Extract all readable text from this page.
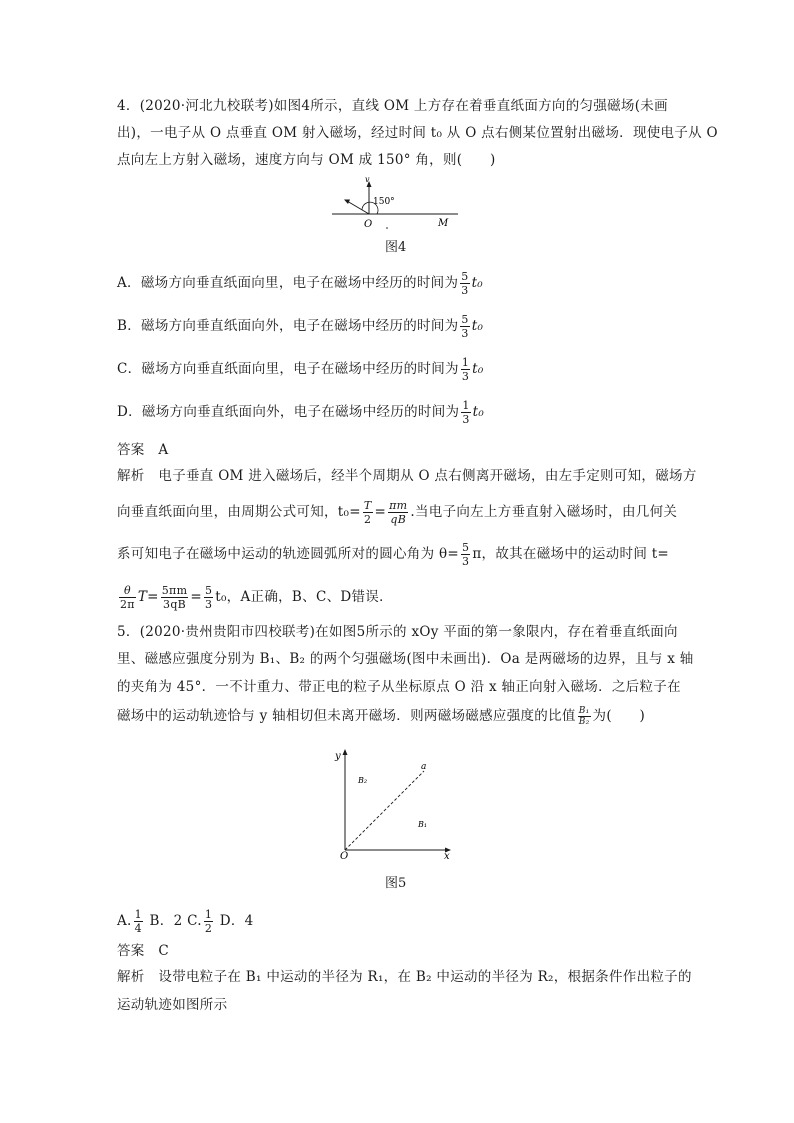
4．(2020·河北九校联考)如图4所示，直线 OM 上方存在着垂直纸面方向的匀强磁场(未画
出)，一电子从 O 点垂直 OM 射入磁场，经过时间 t₀ 从 O 点右侧某位置射出磁场．现使电子从 O
点向左上方射入磁场，速度方向与 OM 成 150° 角，则(　　)
v
150°
O	M
图4
A．磁场方向垂直纸面向里，电子在磁场中经历的时间为 $\frac{5}{3} t_0$
B．磁场方向垂直纸面向外，电子在磁场中经历的时间为 $\frac{5}{3} t_0$
C．磁场方向垂直纸面向里，电子在磁场中经历的时间为 $\frac{1}{3} t_0$
D．磁场方向垂直纸面向外，电子在磁场中经历的时间为 $\frac{1}{3} t_0$
答案　A
解析　电子垂直 OM 进入磁场后，经半个周期从 O 点右侧离开磁场，由左手定则可知，磁场方
向垂直纸面向里，由周期公式可知，$t_0= \frac{T}{2} = \frac{\pi m}{qB}$ .当电子向左上方垂直射入磁场时，由几何关
系可知电子在磁场中运动的轨迹圆弧所对的圆心角为 $\theta= \frac{5}{3}$ π，故其在磁场中的运动时间 t=
$\frac{\theta}{2\pi} T= \frac{5\pi m}{3qB} = \frac{5}{3} t_0$，A正确，B、C、D错误．
5．(2020·贵州贵阳市四校联考)在如图5所示的 xOy 平面的第一象限内，存在着垂直纸面向
里、磁感应强度分别为 B₁、B₂ 的两个匀强磁场(图中未画出)．Oa 是两磁场的边界，且与 x 轴
的夹角为 45°．一不计重力、带正电的粒子从坐标原点 O 沿 x 轴正向射入磁场．之后粒子在
磁场中的运动轨迹恰与 y 轴相切但未离开磁场．则两磁场磁感应强度的比值 $\frac{\text{B₁}}{\text{B₂}}$ 为(　　)
y
x
O
a
B₂
B₁
图5
A. $\frac{1}{4}$ B．2 C. $\frac{1}{2}$ D．4
答案　C
解析　设带电粒子在 B₁ 中运动的半径为 R₁，在 B₂ 中运动的半径为 R₂，根据条件作出粒子的
运动轨迹如图所示
